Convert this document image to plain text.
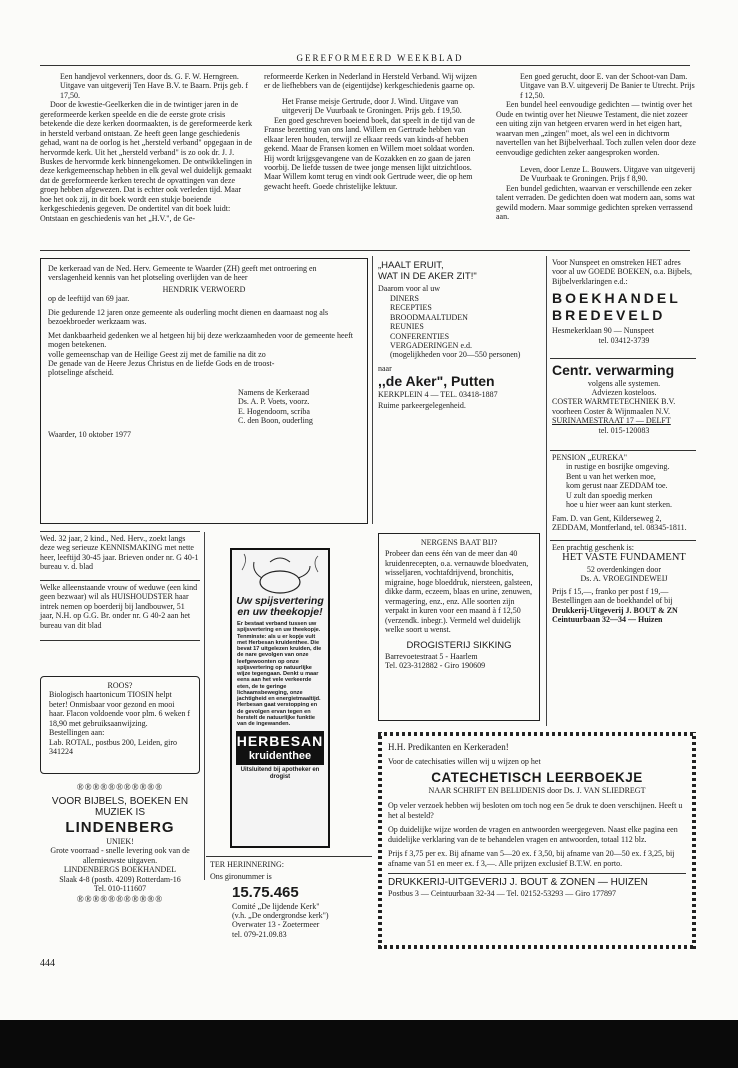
GEREFORMEERD WEEKBLAD

Een handjevol verkenners, door ds. G. F. W. Herngreen. Uitgave van uitgeverij Ten Have B.V. te Baarn. Prijs geb. f 17,50.

Door de kwestie-Geelkerken die in de twintiger jaren in de gereformeerde kerken speelde en die de eerste grote crisis betekende die deze kerken doormaakten, is de gereformeerde kerk in hersteld verband ontstaan. Ze heeft geen lange geschiedenis gehad, want na de oorlog is het „hersteld verband" opgegaan in de hervormde kerk. Uit het „hersteld verband" is zo ook dr. J. J. Buskes de hervormde kerk binnengekomen. De ontwikkelingen in deze kerkgemeenschap hebben in elk geval wel duidelijk gemaakt dat de gereformeerde kerken terecht de opvattingen van deze groep hebben afgewezen. Dat is echter ook verleden tijd. Maar hoe het ook zij, in dit boek wordt een stukje boeiende kerkgeschiedenis gegeven. De ondertitel van dit boek luidt: Ontstaan en geschiedenis van het „H.V.", de Ge-

reformeerde Kerken in Nederland in Hersteld Verband. Wij wijzen er de liefhebbers van de (eigentijdse) kerkgeschiedenis gaarne op.

Het Franse meisje Gertrude, door J. Wind. Uitgave van uitgeverij De Vuurbaak te Groningen. Prijs geb. f 19,50.

Een goed geschreven boeiend boek, dat speelt in de tijd van de Franse bezetting van ons land. Willem en Gertrude hebben van elkaar leren houden, terwijl ze elkaar reeds van kinds-af hebben gekend. Maar de Fransen komen en Willem moet soldaat worden. Hij wordt krijgsgevangene van de Kozakken en zo gaan de jaren voorbij. De liefde tussen de twee jonge mensen lijkt uitzichtloos. Maar Willem komt terug en vindt ook Gertrude weer, die op hem gewacht heeft. Goede christelijke lektuur.

Een goed gerucht, door E. van der Schoot-van Dam. Uitgave van B.V. uitgeverij De Banier te Utrecht. Prijs f 12,50.

Een bundel heel eenvoudige gedichten — twintig over het Oude en twintig over het Nieuwe Testament, die niet zozeer een uiting zijn van hetgeen ervaren werd in het eigen hart, waarvan men „zingen" moet, als wel een in dichtvorm navertellen van het Bijbelverhaal. Toch zullen velen door deze eenvoudige gedichten zeker aangesproken worden.

Leven, door Lenze L. Bouwers. Uitgave van uitgeverij De Vuurbaak te Groningen. Prijs f 8,90.

Een bundel gedichten, waarvan er verschillende een zeker talent verraden. De gedichten doen wat modern aan, soms wat gewild modern. Maar sommige gedichten spreken verrassend aan.

De kerkeraad van de Ned. Herv. Gemeente te Waarder (ZH) geeft met ontroering en verslagenheid kennis van het plotseling overlijden van de heer

HENDRIK VERWOERD

op de leeftijd van 69 jaar.

Die gedurende 12 jaren onze gemeente als ouderling mocht dienen en daarnaast nog als bezoekbroeder werkzaam was.

Met dankbaarheid gedenken we al hetgeen hij bij deze werkzaamheden voor de gemeente heeft mogen betekenen.

volle gemeenschap van de Heilige Geest zij met de familie na dit zo

De genade van de Heere Jezus Christus en de liefde Gods en de troost-

plotselinge afscheid.

Namens de Kerkeraad

Ds. A. P. Voets, voorz.

E. Hogendoorn, scriba

C. den Boon, ouderling

Waarder, 10 oktober 1977

„HAALT ERUIT,

WAT IN DE AKER ZIT!"

Daarom voor al uw

DINERS

RECEPTIES

BROODMAALTIJDEN

REUNIES

CONFERENTIES

VERGADERINGEN e.d.

(mogelijkheden voor 20—550 personen)

naar

,,de Aker", Putten

KERKPLEIN 4 — TEL. 03418-1887

Ruime parkeergelegenheid.

Voor Nunspeet en omstreken HET adres voor al uw GOEDE BOEKEN, o.a. Bijbels, Bijbelverklaringen e.d.:

BOEKHANDEL

BREDEVELD

Hesmekerklaan 90 — Nunspeet

tel. 03412-3739

Centr. verwarming

volgens alle systemen.

Adviezen kosteloos.

COSTER WARMTETECHNIEK B.V.

voorheen Coster & Wijnmaalen N.V.

SURINAMESTRAAT 17 — DELFT

tel. 015-120083

PENSION „EUREKA"

in rustige en bosrijke omgeving.

Bent u van het werken moe,

kom gerust naar ZEDDAM toe.

U zult dan spoedig merken

hoe u hier weer aan kunt sterken.

Fam. D. van Gent, Kilderseweg 2, ZEDDAM, Montferland, tel. 08345-1811.

Een prachtig geschenk is:

HET VASTE FUNDAMENT

52 overdenkingen door

Ds. A. VROEGINDEWEIJ

Prijs f 15,—, franko per post f 19,—

Bestellingen aan de boekhandel of bij

Drukkerij-Uitgeverij J. BOUT & ZN

Ceintuurbaan 32—34 — Huizen

NERGENS BAAT BIJ?

Probeer dan eens één van de meer dan 40 kruidenrecepten, o.a. vernauwde bloedvaten, wisseljaren, vochtafdrijvend, bronchitis, migraine, hoge bloeddruk, niersteen, galsteen, dikke darm, eczeem, blaas en urine, zenuwen, vermagering, enz., enz. Alle soorten zijn verpakt in kuren voor een maand à f 12,50 (verzendk. inbegr.). Vermeld wel duidelijk welke soort u wenst.

DROGISTERIJ SIKKING

Barrevoetestraat 5 - Haarlem

Tel. 023-312882 - Giro 190609

Wed. 32 jaar, 2 kind., Ned. Herv., zoekt langs deze weg serieuze KENNISMAKING met nette heer, leeftijd 30-45 jaar. Brieven onder nr. G 40-1 bureau v. d. blad

Welke alleenstaande vrouw of weduwe (een kind geen bezwaar) wil als HUISHOUDSTER haar intrek nemen op boerderij bij landbouwer, 51 jaar, N.H. op G.G. Br. onder nr. G 40-2 aan het bureau van dit blad

ROOS?

Biologisch haartonicum TIOSIN helpt beter! Onmisbaar voor gezond en mooi haar. Flacon voldoende voor plm. 6 weken f 18,90 met gebruiksaanwijzing.

Bestellingen aan:

Lab. ROTAL, postbus 200, Leiden, giro 341224

Uw spijsvertering

en uw theekopje!

Er bestaat verband tussen uw spijsvertering en uw theekopje. Tenminste: als u er kopje vult met Herbesan kruidenthee. Die bevat 17 uitgelezen kruiden, die de nare gevolgen van onze leefgewoonten op onze spijsvertering op natuurlijke wijze tegengaan. Denkt u maar eens aan het vele verkeerde eten, de te geringe lichaamsbeweging, onze jachtigheid en energietmaaltijd. Herbesan gaat verstopping en de gevolgen ervan tegen en herstelt de natuurlijke funktie van de ingewanden.

HERBESAN

kruidenthee

Uitsluitend bij apotheker en drogist

®®®®®®®®®®®

VOOR BIJBELS, BOEKEN EN MUZIEK IS

LINDENBERG

UNIEK!

Grote voorraad - snelle levering ook van de allernieuwste uitgaven.

LINDENBERGS BOEKHANDEL

Slaak 4-8 (postb. 4209) Rotterdam-16

Tel. 010-111607

®®®®®®®®®®®

TER HERINNERING:

Ons gironummer is

15.75.465

Comité „De lijdende Kerk"

(v.h. „De ondergrondse kerk")

Overwater 13 - Zoetermeer

tel. 079-21.09.83

H.H. Predikanten en Kerkeraden!

Voor de catechisaties willen wij u wijzen op het

CATECHETISCH LEERBOEKJE

NAAR SCHRIFT EN BELIJDENIS door Ds. J. VAN SLIEDREGT

Op veler verzoek hebben wij besloten om toch nog een 5e druk te doen verschijnen. Heeft u het al besteld?

Op duidelijke wijze worden de vragen en antwoorden weergegeven. Naast elke pagina een duidelijke verklaring van de te behandelen vragen en antwoorden, totaal 112 blz.

Prijs f 3,75 per ex. Bij afname van 5—20 ex. f 3,50, bij afname van 20—50 ex. f 3,25, bij afname van 51 en meer ex. f 3,—. Alle prijzen exclusief B.T.W. en porto.

DRUKKERIJ-UITGEVERIJ J. BOUT & ZONEN — HUIZEN

Postbus 3 — Ceintuurbaan 32-34 — Tel. 02152-53293 — Giro 177897

444
